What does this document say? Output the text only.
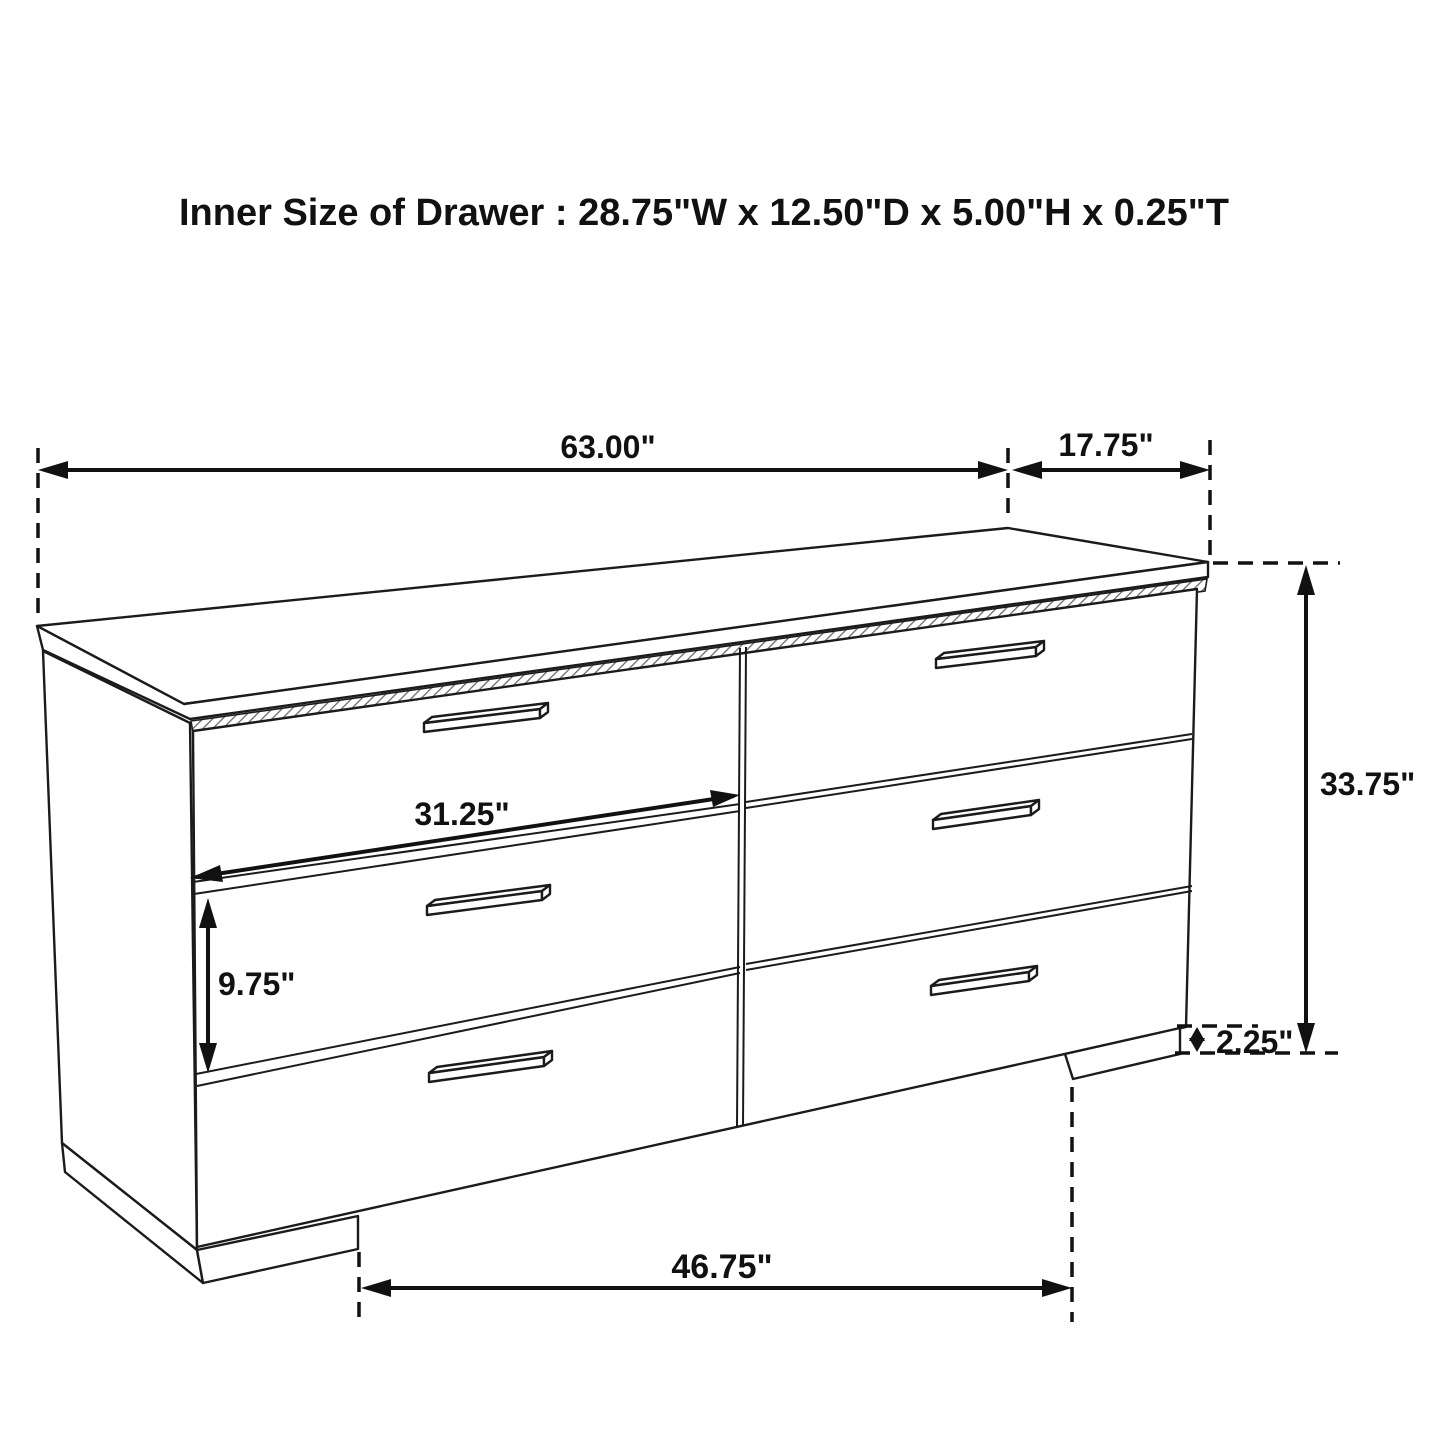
Inner Size of Drawer : 28.75"W x 12.50"D x 5.00"H x 0.25"T
63.00"	17.75"
33.75"
31.25"
9.75"
2.25"
46.75"
